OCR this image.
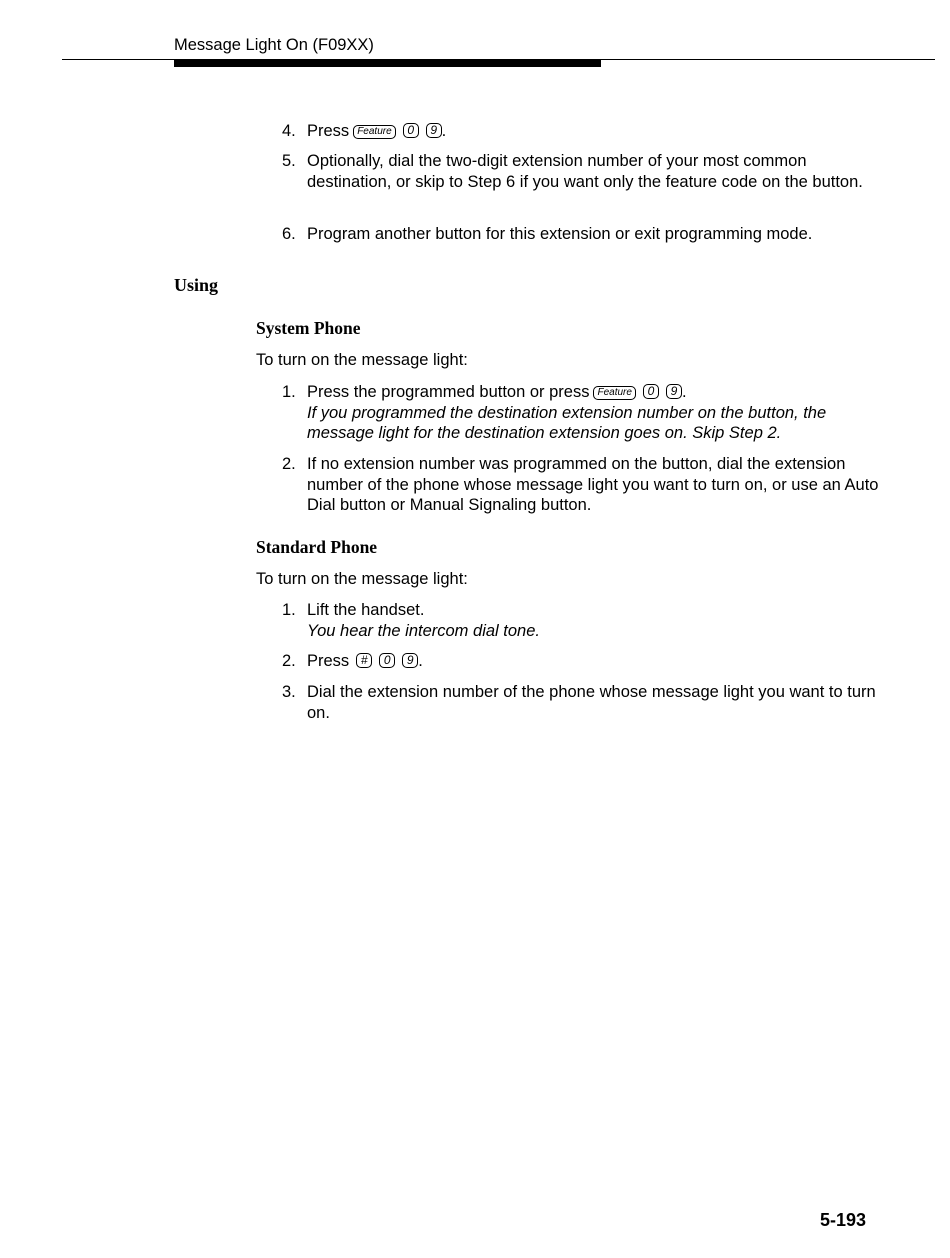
Message Light On (F09XX)
4. Press Feature 0 9 .
5. Optionally, dial the two-digit extension number of your most common destination, or skip to Step 6 if you want only the feature code on the button.
6. Program another button for this extension or exit programming mode.
Using
System Phone
To turn on the message light:
1. Press the programmed button or press Feature 0 9 .
If you programmed the destination extension number on the button, the message light for the destination extension goes on. Skip Step 2.
2. If no extension number was programmed on the button, dial the extension number of the phone whose message light you want to turn on, or use an Auto Dial button or Manual Signaling button.
Standard Phone
To turn on the message light:
1. Lift the handset.
You hear the intercom dial tone.
2. Press # 0 9 .
3. Dial the extension number of the phone whose message light you want to turn on.
5-193
